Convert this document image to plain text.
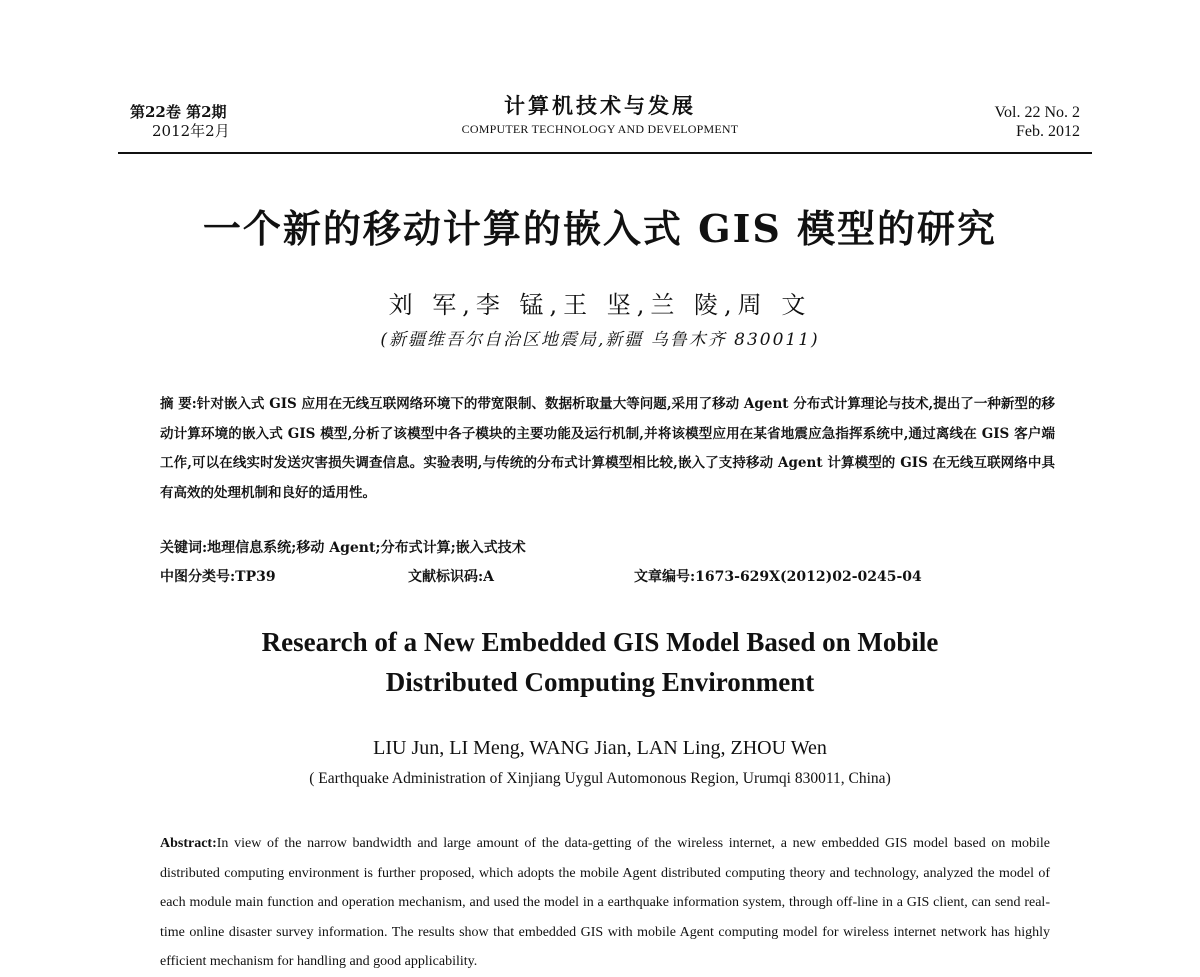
第22卷 第2期
2012年2月
计算机技术与发展
COMPUTER TECHNOLOGY AND DEVELOPMENT
Vol. 22 No. 2
Feb. 2012
一个新的移动计算的嵌入式 GIS 模型的研究
刘 军,李 锰,王 坚,兰 陵,周 文
(新疆维吾尔自治区地震局,新疆 乌鲁木齐 830011)
摘 要:针对嵌入式 GIS 应用在无线互联网络环境下的带宽限制、数据析取量大等问题,采用了移动 Agent 分布式计算理论与技术,提出了一种新型的移动计算环境的嵌入式 GIS 模型,分析了该模型中各子模块的主要功能及运行机制,并将该模型应用在某省地震应急指挥系统中,通过离线在 GIS 客户端工作,可以在线实时发送灾害损失调查信息。实验表明,与传统的分布式计算模型相比较,嵌入了支持移动 Agent 计算模型的 GIS 在无线互联网络中具有高效的处理机制和良好的适用性。
关键词:地理信息系统;移动 Agent;分布式计算;嵌入式技术
中图分类号:TP39	文献标识码:A	文章编号:1673-629X(2012)02-0245-04
Research of a New Embedded GIS Model Based on Mobile
Distributed Computing Environment
LIU Jun, LI Meng, WANG Jian, LAN Ling, ZHOU Wen
( Earthquake Administration of Xinjiang Uygul Automonous Region, Urumqi 830011, China)
Abstract:In view of the narrow bandwidth and large amount of the data-getting of the wireless internet, a new embedded GIS model based on mobile distributed computing environment is further proposed, which adopts the mobile Agent distributed computing theory and technology, analyzed the model of each module main function and operation mechanism, and used the model in a earthquake information system, through off-line in a GIS client, can send real-time online disaster survey information. The results show that embedded GIS with mobile Agent computing model for wireless internet network has highly efficient mechanism for handling and good applicability.
